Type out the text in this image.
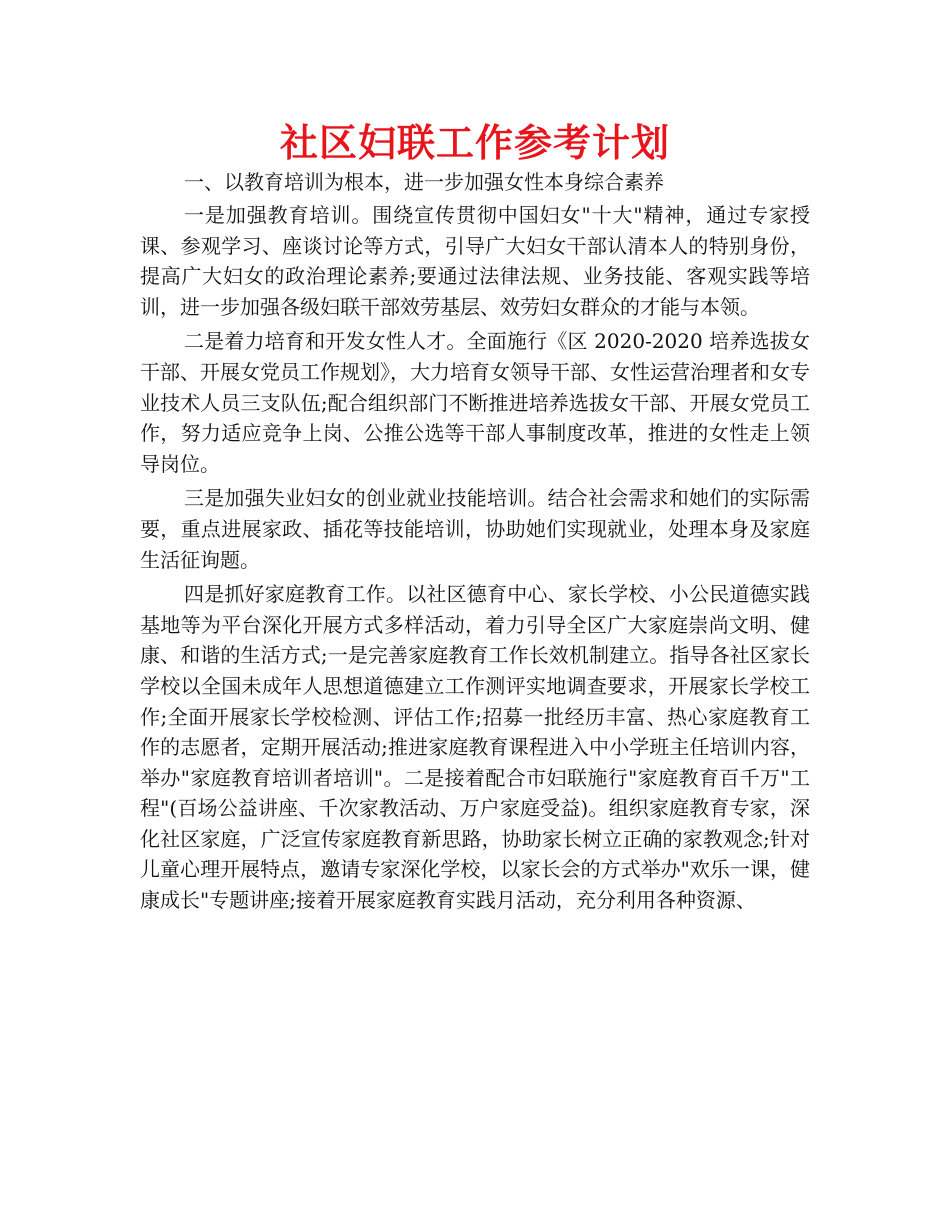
社区妇联工作参考计划

一、以教育培训为根本，进一步加强女性本身综合素养

一是加强教育培训。围绕宣传贯彻中国妇女"十大"精神，通过专家授课、参观学习、座谈讨论等方式，引导广大妇女干部认清本人的特别身份，提高广大妇女的政治理论素养;要通过法律法规、业务技能、客观实践等培训，进一步加强各级妇联干部效劳基层、效劳妇女群众的才能与本领。

二是着力培育和开发女性人才。全面施行《区 2020-2020 培养选拔女干部、开展女党员工作规划》，大力培育女领导干部、女性运营治理者和女专业技术人员三支队伍;配合组织部门不断推进培养选拔女干部、开展女党员工作，努力适应竞争上岗、公推公选等干部人事制度改革，推进的女性走上领导岗位。

三是加强失业妇女的创业就业技能培训。结合社会需求和她们的实际需要，重点进展家政、插花等技能培训，协助她们实现就业，处理本身及家庭生活征询题。

四是抓好家庭教育工作。以社区德育中心、家长学校、小公民道德实践基地等为平台深化开展方式多样活动，着力引导全区广大家庭崇尚文明、健康、和谐的生活方式;一是完善家庭教育工作长效机制建立。指导各社区家长学校以全国未成年人思想道德建立工作测评实地调查要求，开展家长学校工作;全面开展家长学校检测、评估工作;招募一批经历丰富、热心家庭教育工作的志愿者，定期开展活动;推进家庭教育课程进入中小学班主任培训内容，举办"家庭教育培训者培训"。二是接着配合市妇联施行"家庭教育百千万"工程"(百场公益讲座、千次家教活动、万户家庭受益)。组织家庭教育专家，深化社区家庭，广泛宣传家庭教育新思路，协助家长树立正确的家教观念;针对儿童心理开展特点，邀请专家深化学校，以家长会的方式举办"欢乐一课，健康成长"专题讲座;接着开展家庭教育实践月活动，充分利用各种资源、
